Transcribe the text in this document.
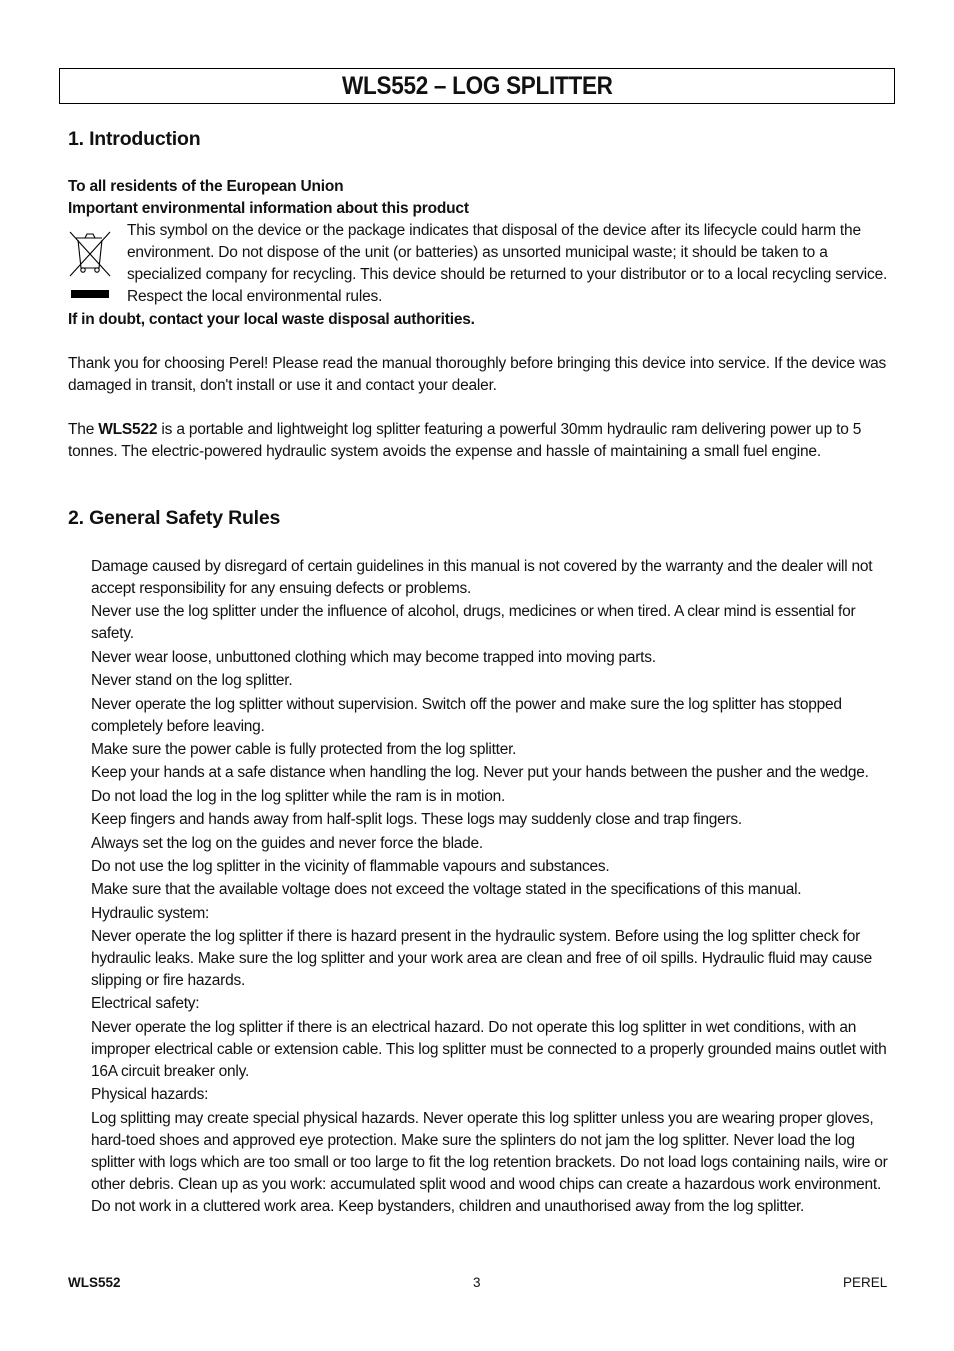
WLS552 – LOG SPLITTER
1. Introduction
To all residents of the European Union
Important environmental information about this product
This symbol on the device or the package indicates that disposal of the device after its lifecycle could harm the environment. Do not dispose of the unit (or batteries) as unsorted municipal waste; it should be taken to a specialized company for recycling. This device should be returned to your distributor or to a local recycling service. Respect the local environmental rules.
If in doubt, contact your local waste disposal authorities.
Thank you for choosing Perel! Please read the manual thoroughly before bringing this device into service. If the device was damaged in transit, don't install or use it and contact your dealer.
The WLS522 is a portable and lightweight log splitter featuring a powerful 30mm hydraulic ram delivering power up to 5 tonnes. The electric-powered hydraulic system avoids the expense and hassle of maintaining a small fuel engine.
2. General Safety Rules
Damage caused by disregard of certain guidelines in this manual is not covered by the warranty and the dealer will not accept responsibility for any ensuing defects or problems.
Never use the log splitter under the influence of alcohol, drugs, medicines or when tired. A clear mind is essential for safety.
Never wear loose, unbuttoned clothing which may become trapped into moving parts.
Never stand on the log splitter.
Never operate the log splitter without supervision. Switch off the power and make sure the log splitter has stopped completely before leaving.
Make sure the power cable is fully protected from the log splitter.
Keep your hands at a safe distance when handling the log. Never put your hands between the pusher and the wedge.
Do not load the log in the log splitter while the ram is in motion.
Keep fingers and hands away from half-split logs. These logs may suddenly close and trap fingers.
Always set the log on the guides and never force the blade.
Do not use the log splitter in the vicinity of flammable vapours and substances.
Make sure that the available voltage does not exceed the voltage stated in the specifications of this manual.
Hydraulic system:
Never operate the log splitter if there is hazard present in the hydraulic system. Before using the log splitter check for hydraulic leaks. Make sure the log splitter and your work area are clean and free of oil spills. Hydraulic fluid may cause slipping or fire hazards.
Electrical safety:
Never operate the log splitter if there is an electrical hazard. Do not operate this log splitter in wet conditions, with an improper electrical cable or extension cable. This log splitter must be connected to a properly grounded mains outlet with 16A circuit breaker only.
Physical hazards:
Log splitting may create special physical hazards. Never operate this log splitter unless you are wearing proper gloves, hard-toed shoes and approved eye protection. Make sure the splinters do not jam the log splitter. Never load the log splitter with logs which are too small or too large to fit the log retention brackets. Do not load logs containing nails, wire or other debris. Clean up as you work: accumulated split wood and wood chips can create a hazardous work environment. Do not work in a cluttered work area. Keep bystanders, children and unauthorised away from the log splitter.
WLS552	3	PEREL
